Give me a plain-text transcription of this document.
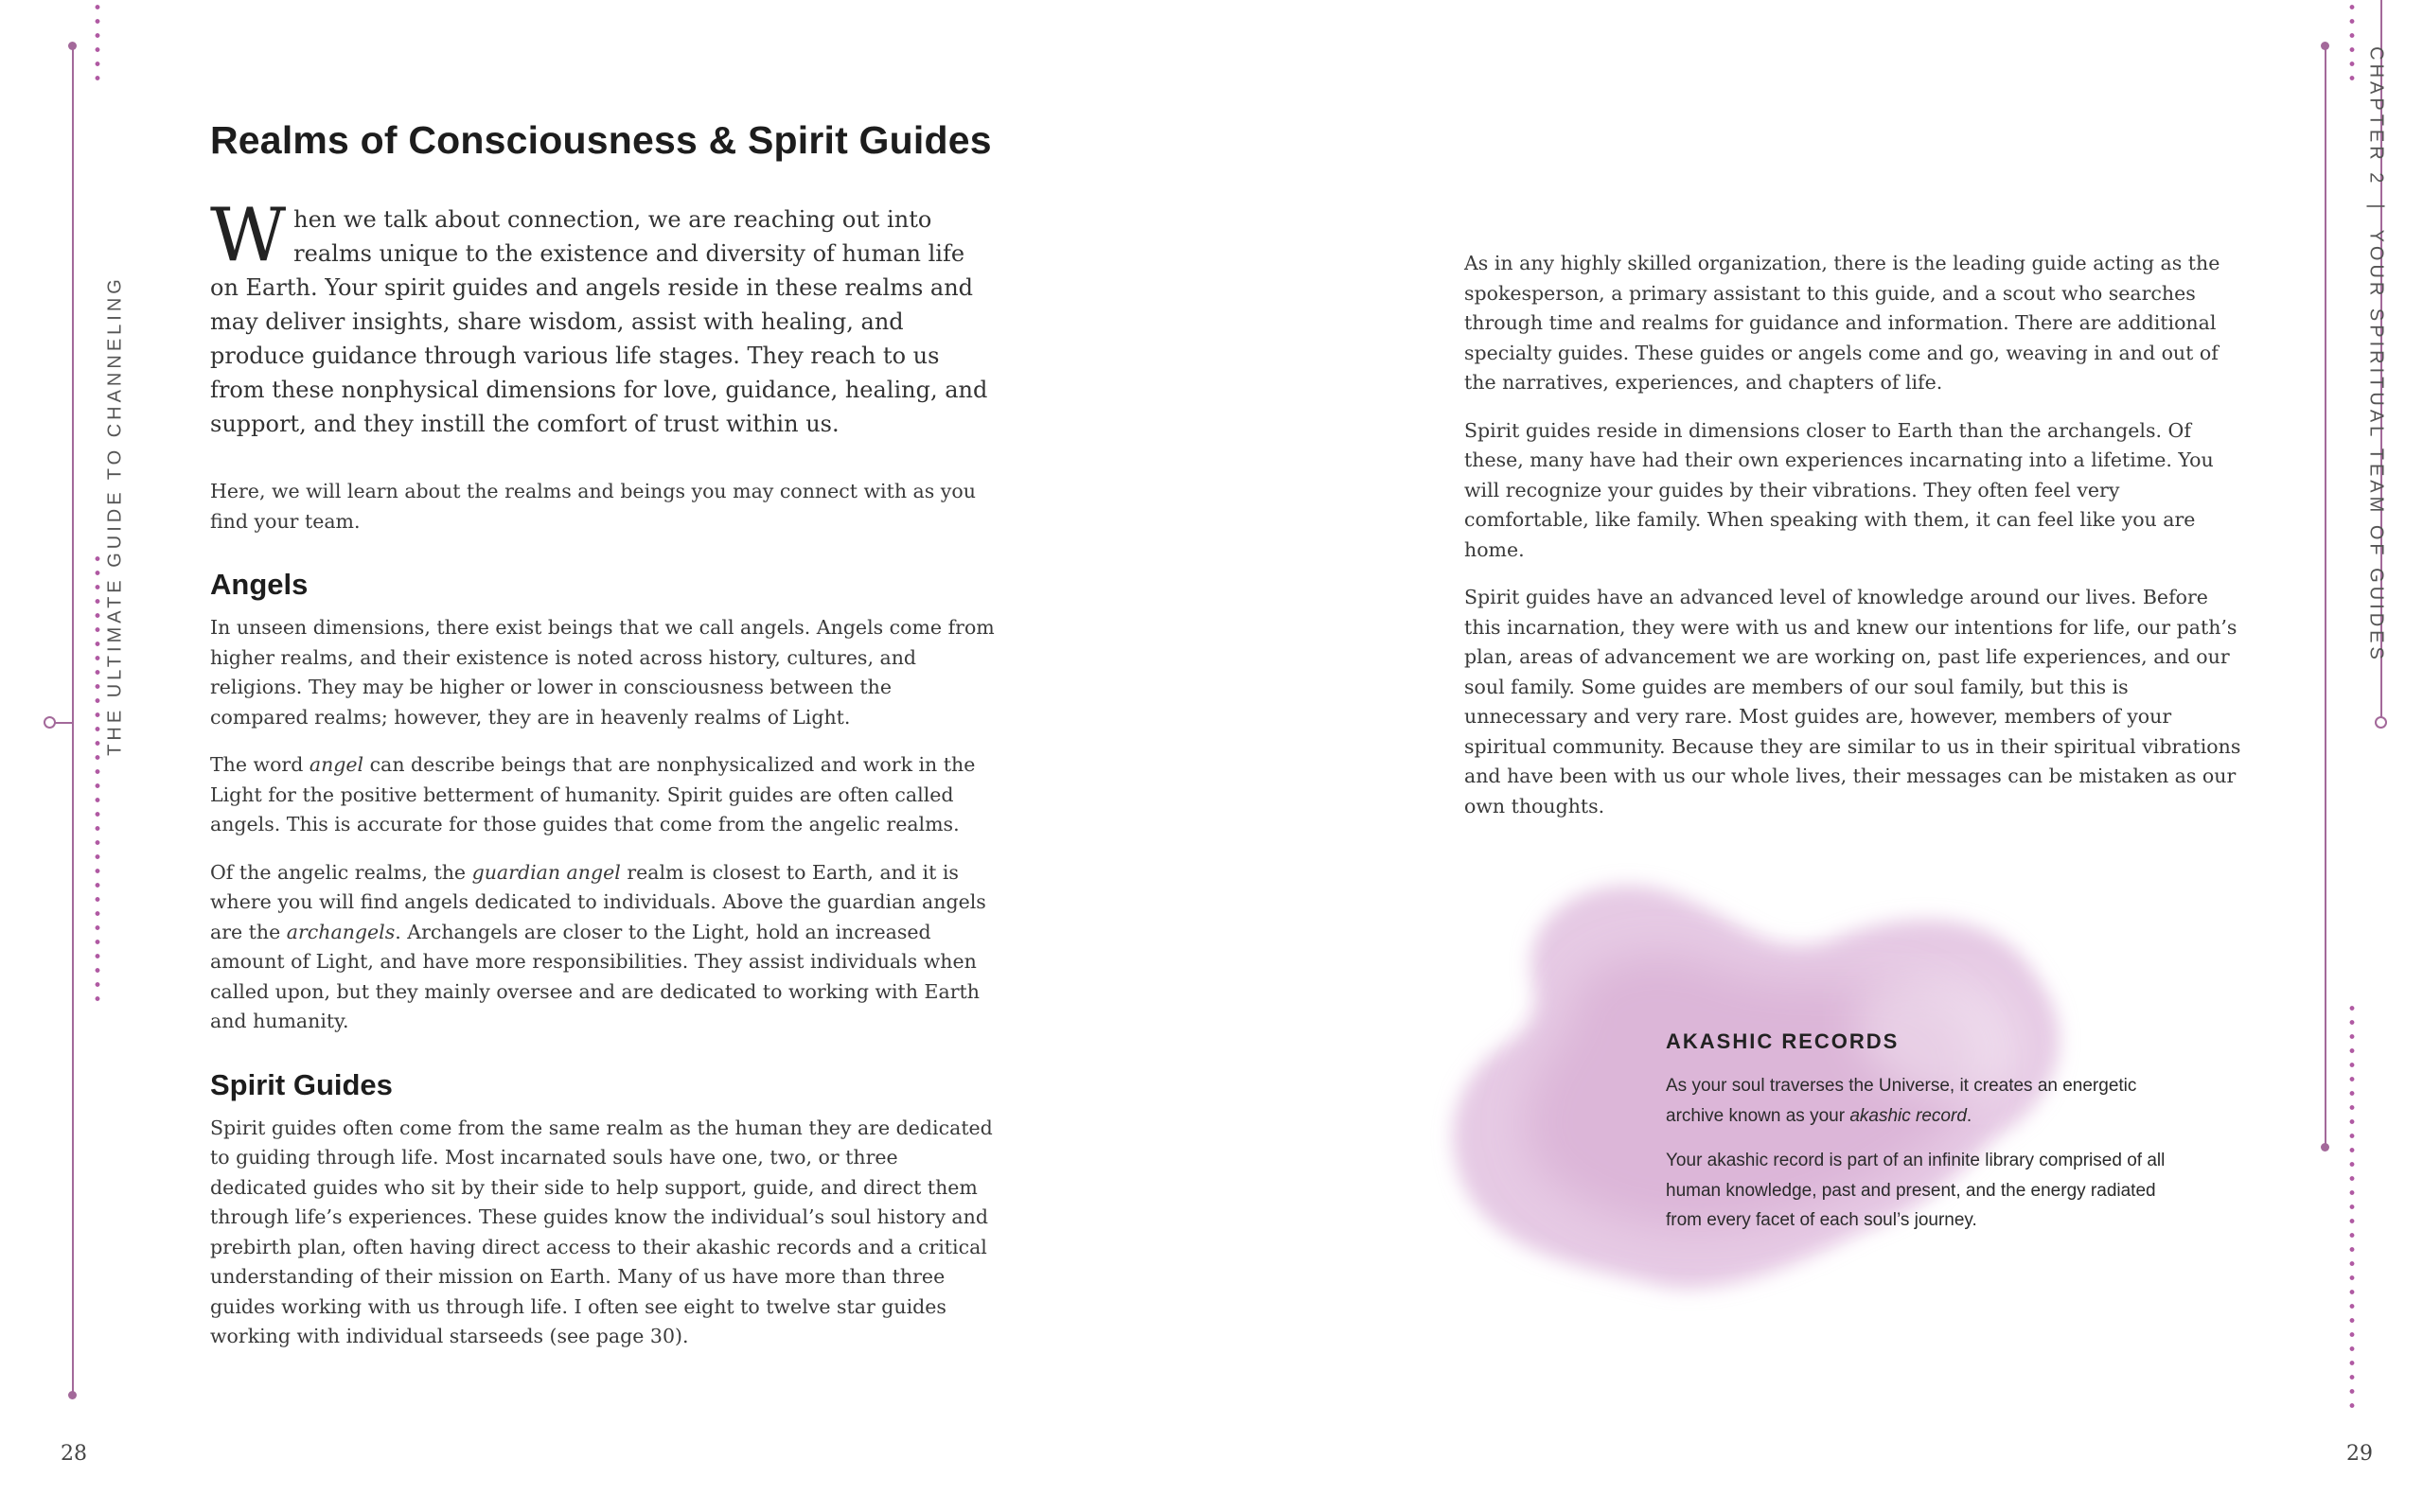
THE ULTIMATE GUIDE TO CHANNELING
28
CHAPTER 2|YOUR SPIRITUAL TEAM OF GUIDES
29
Realms of Consciousness & Spirit Guides

When we talk about connection, we are reaching out into realms unique to the existence and diversity of human life on Earth. Your spirit guides and angels reside in these realms and may deliver insights, share wisdom, assist with healing, and produce guidance through various life stages. They reach to us from these nonphysical dimensions for love, guidance, healing, and support, and they instill the comfort of trust within us.

Here, we will learn about the realms and beings you may connect with as you find your team.

Angels

In unseen dimensions, there exist beings that we call angels. Angels come from higher realms, and their existence is noted across history, cultures, and religions. They may be higher or lower in consciousness between the compared realms; however, they are in heavenly realms of Light.

The word angel can describe beings that are nonphysicalized and work in the Light for the positive betterment of humanity. Spirit guides are often called angels. This is accurate for those guides that come from the angelic realms.

Of the angelic realms, the guardian angel realm is closest to Earth, and it is where you will find angels dedicated to individuals. Above the guardian angels are the archangels. Archangels are closer to the Light, hold an increased amount of Light, and have more responsibilities. They assist individuals when called upon, but they mainly oversee and are dedicated to working with Earth and humanity.

Spirit Guides

Spirit guides often come from the same realm as the human they are dedicated to guiding through life. Most incarnated souls have one, two, or three dedicated guides who sit by their side to help support, guide, and direct them through life’s experiences. These guides know the individual’s soul history and prebirth plan, often having direct access to their akashic records and a critical understanding of their mission on Earth. Many of us have more than three guides working with us through life. I often see eight to twelve star guides working with individual starseeds (see page 30).

As in any highly skilled organization, there is the leading guide acting as the spokesperson, a primary assistant to this guide, and a scout who searches through time and realms for guidance and information. There are additional specialty guides. These guides or angels come and go, weaving in and out of the narratives, experiences, and chapters of life.

Spirit guides reside in dimensions closer to Earth than the archangels. Of these, many have had their own experiences incarnating into a lifetime. You will recognize your guides by their vibrations. They often feel very comfortable, like family. When speaking with them, it can feel like you are home.

Spirit guides have an advanced level of knowledge around our lives. Before this incarnation, they were with us and knew our intentions for life, our path’s plan, areas of advancement we are working on, past life experiences, and our soul family. Some guides are members of our soul family, but this is unnecessary and very rare. Most guides are, however, members of your spiritual community. Because they are similar to us in their spiritual vibrations and have been with us our whole lives, their messages can be mistaken as our own thoughts.

AKASHIC RECORDS

As your soul traverses the Universe, it creates an energetic archive known as your akashic record.

Your akashic record is part of an infinite library comprised of all human knowledge, past and present, and the energy radiated from every facet of each soul’s journey.
